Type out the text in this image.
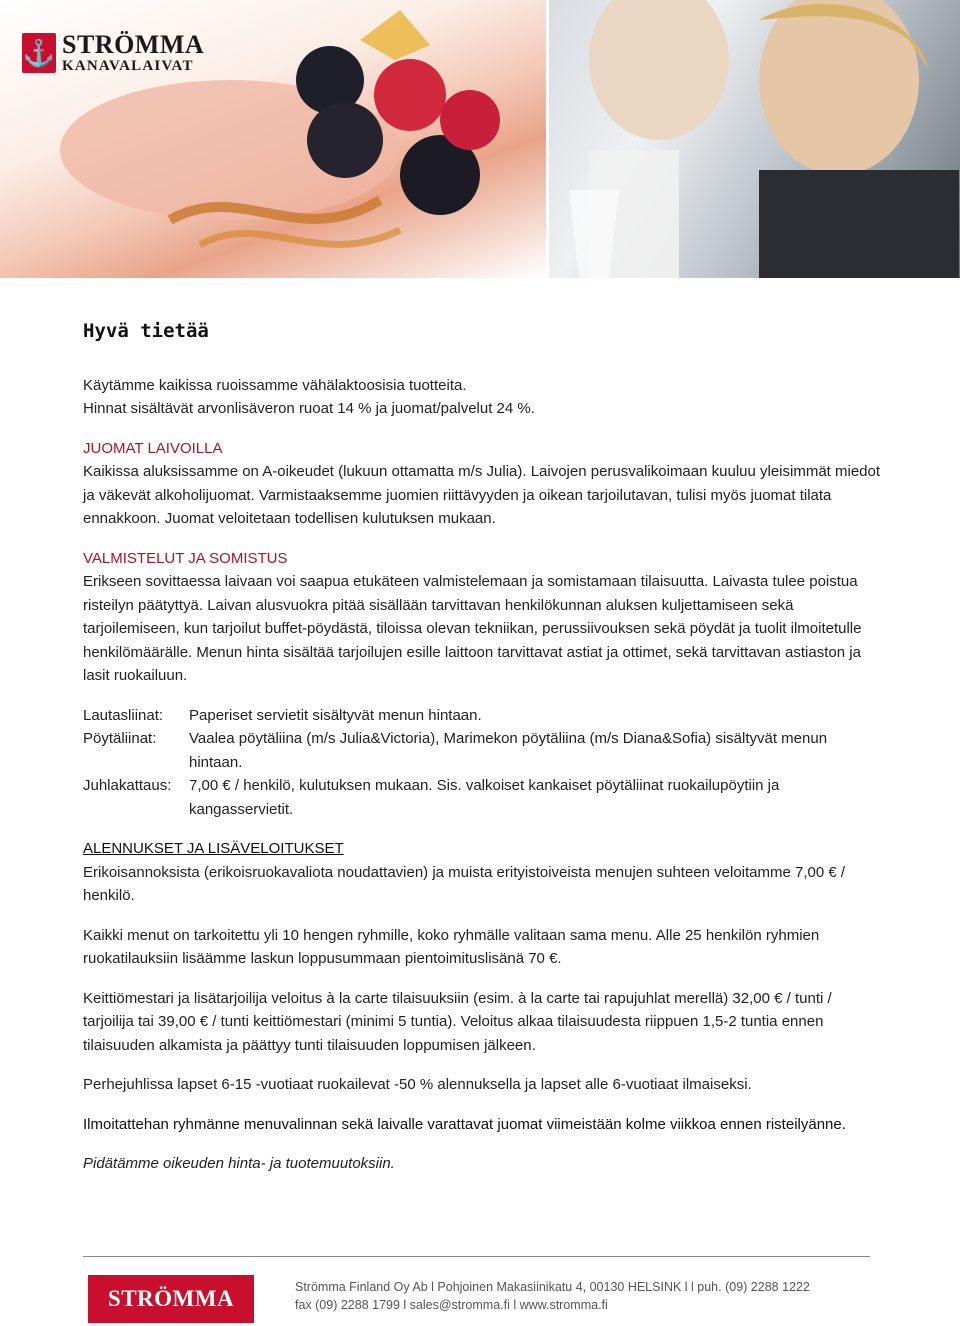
⚓ STRÖMMA
KANAVALAIVAT
Hyvä tietää
Käytämme kaikissa ruoissamme vähälaktoosisia tuotteita.
Hinnat sisältävät arvonlisäveron ruoat 14 % ja juomat/palvelut 24 %.
JUOMAT LAIVOILLA
Kaikissa aluksissamme on A-oikeudet (lukuun ottamatta m/s Julia). Laivojen perusvalikoimaan kuuluu yleisimmät miedot ja väkevät alkoholijuomat. Varmistaaksemme juomien riittävyyden ja oikean tarjoilutavan, tulisi myös juomat tilata ennakkoon. Juomat veloitetaan todellisen kulutuksen mukaan.
VALMISTELUT JA SOMISTUS
Erikseen sovittaessa laivaan voi saapua etukäteen valmistelemaan ja somistamaan tilaisuutta. Laivasta tulee poistua risteilyn päätyttyä. Laivan alusvuokra pitää sisällään tarvittavan henkilökunnan aluksen kuljettamiseen sekä tarjoilemiseen, kun tarjoilut buffet-pöydästä, tiloissa olevan tekniikan, perussiivouksen sekä pöydät ja tuolit ilmoitetulle henkilömäärälle. Menun hinta sisältää tarjoilujen esille laittoon tarvittavat astiat ja ottimet, sekä tarvittavan astiaston ja lasit ruokailuun.
Lautasliinat:	Paperiset servietit sisältyvät menun hintaan.
Pöytäliinat:	Vaalea pöytäliina (m/s Julia&Victoria), Marimekon pöytäliina (m/s Diana&Sofia) sisältyvät menun hintaan.
Juhlakattaus:	7,00 € / henkilö, kulutuksen mukaan. Sis. valkoiset kankaiset pöytäliinat ruokailupöytiin ja kangasservietit.
ALENNUKSET JA LISÄVELOITUKSET
Erikoisannoksista (erikoisruokavaliota noudattavien) ja muista erityistoiveista menujen suhteen veloitamme 7,00 € / henkilö.
Kaikki menut on tarkoitettu yli 10 hengen ryhmille, koko ryhmälle valitaan sama menu. Alle 25 henkilön ryhmien ruokatilauksiin lisäämme laskun loppusummaan pientoimituslisänä 70 €.
Keittiömestari ja lisätarjoilija veloitus à la carte tilaisuuksiin (esim. à la carte tai rapujuhlat merellä) 32,00 € / tunti / tarjoilija tai 39,00 € / tunti keittiömestari (minimi 5 tuntia). Veloitus alkaa tilaisuudesta riippuen 1,5-2 tuntia ennen tilaisuuden alkamista ja päättyy tunti tilaisuuden loppumisen jälkeen.
Perhejuhlissa lapset 6-15 -vuotiaat ruokailevat -50 % alennuksella ja lapset alle 6-vuotiaat ilmaiseksi.
Ilmoitattehan ryhmänne menuvalinnan sekä laivalle varattavat juomat viimeistään kolme viikkoa ennen risteilyänne.
Pidätämme oikeuden hinta- ja tuotemuutoksiin.
STRÖMMA	Strömma Finland Oy Ab l Pohjoinen Makasiinikatu 4, 00130 HELSINK l l puh. (09) 2288 1222
fax (09) 2288 1799 l sales@stromma.fi l www.stromma.fi
